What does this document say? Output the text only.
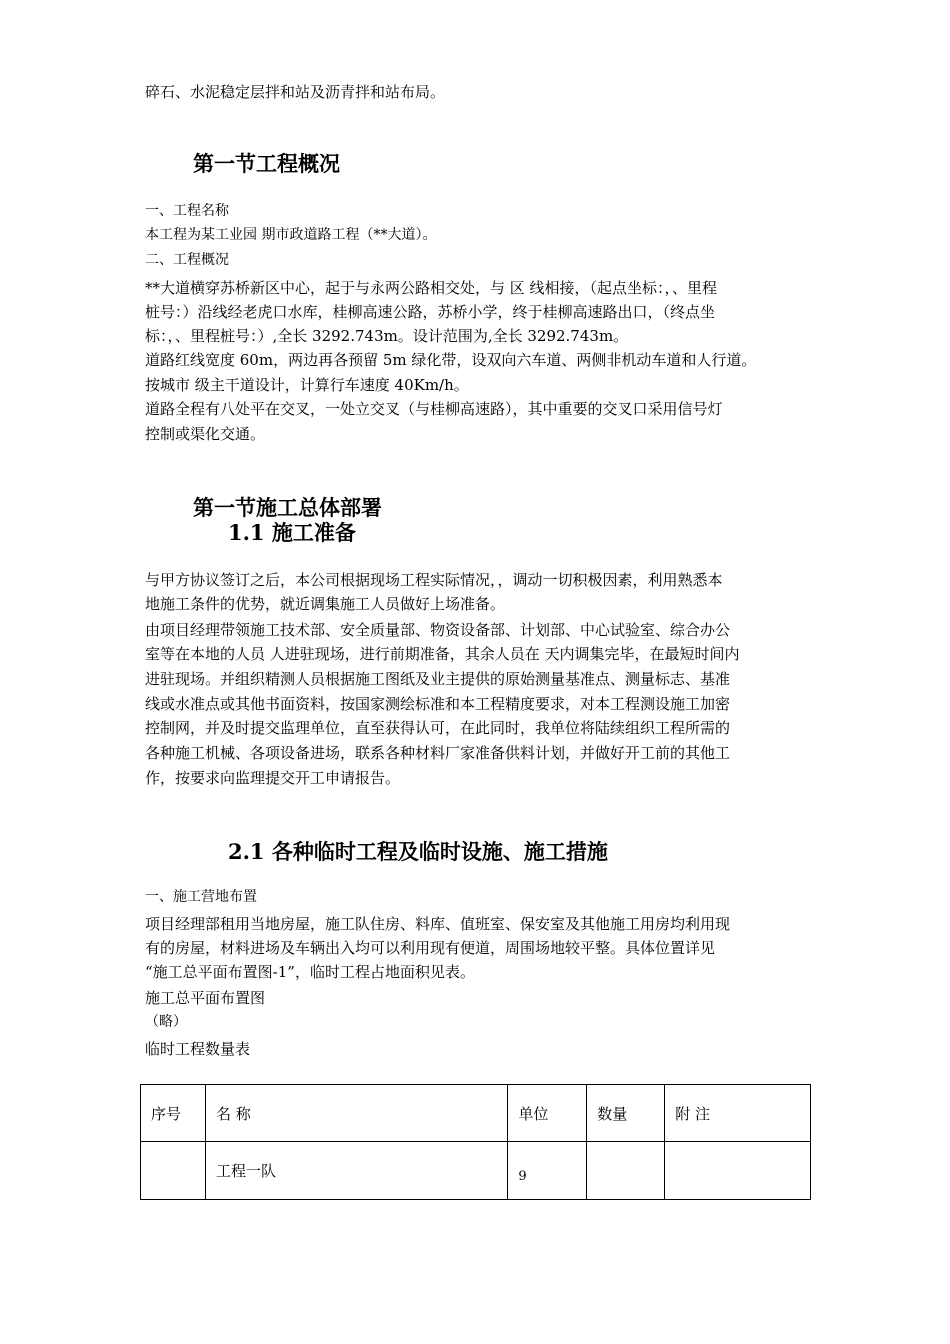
碎石、水泥稳定层拌和站及沥青拌和站布局。
第一节工程概况
一、工程名称
本工程为某工业园 期市政道路工程（**大道）。
二、工程概况
**大道横穿苏桥新区中心，起于与永两公路相交处，与 区 线相接，（起点坐标：，、里程
桩号：）沿线经老虎口水库，桂柳高速公路，苏桥小学，终于桂柳高速路出口，（终点坐
标：，、里程桩号：）,全长 3292.743m。设计范围为,全长 3292.743m。
道路红线宽度 60m，两边再各预留 5m 绿化带，设双向六车道、两侧非机动车道和人行道。
按城市 级主干道设计，计算行车速度 40Km/h。
道路全程有八处平在交叉，一处立交叉（与桂柳高速路），其中重要的交叉口采用信号灯
控制或渠化交通。
第一节施工总体部署
1.1 施工准备
与甲方协议签订之后，本公司根据现场工程实际情况，，调动一切积极因素，利用熟悉本
地施工条件的优势，就近调集施工人员做好上场准备。
由项目经理带领施工技术部、安全质量部、物资设备部、计划部、中心试验室、综合办公
室等在本地的人员 人进驻现场，进行前期准备，其余人员在 天内调集完毕，在最短时间内
进驻现场。并组织精测人员根据施工图纸及业主提供的原始测量基准点、测量标志、基准
线或水准点或其他书面资料，按国家测绘标准和本工程精度要求，对本工程测设施工加密
控制网，并及时提交监理单位，直至获得认可，在此同时，我单位将陆续组织工程所需的
各种施工机械、各项设备进场，联系各种材料厂家准备供料计划，并做好开工前的其他工
作，按要求向监理提交开工申请报告。
2.1 各种临时工程及临时设施、施工措施
一、施工营地布置
项目经理部租用当地房屋，施工队住房、料库、值班室、保安室及其他施工用房均利用现
有的房屋，材料进场及车辆出入均可以利用现有便道，周围场地较平整。具体位置详见
“施工总平面布置图-1”，临时工程占地面积见表。
施工总平面布置图
（略）
临时工程数量表
序号	名 称	单位	数量	附 注
	工程一队	9		
